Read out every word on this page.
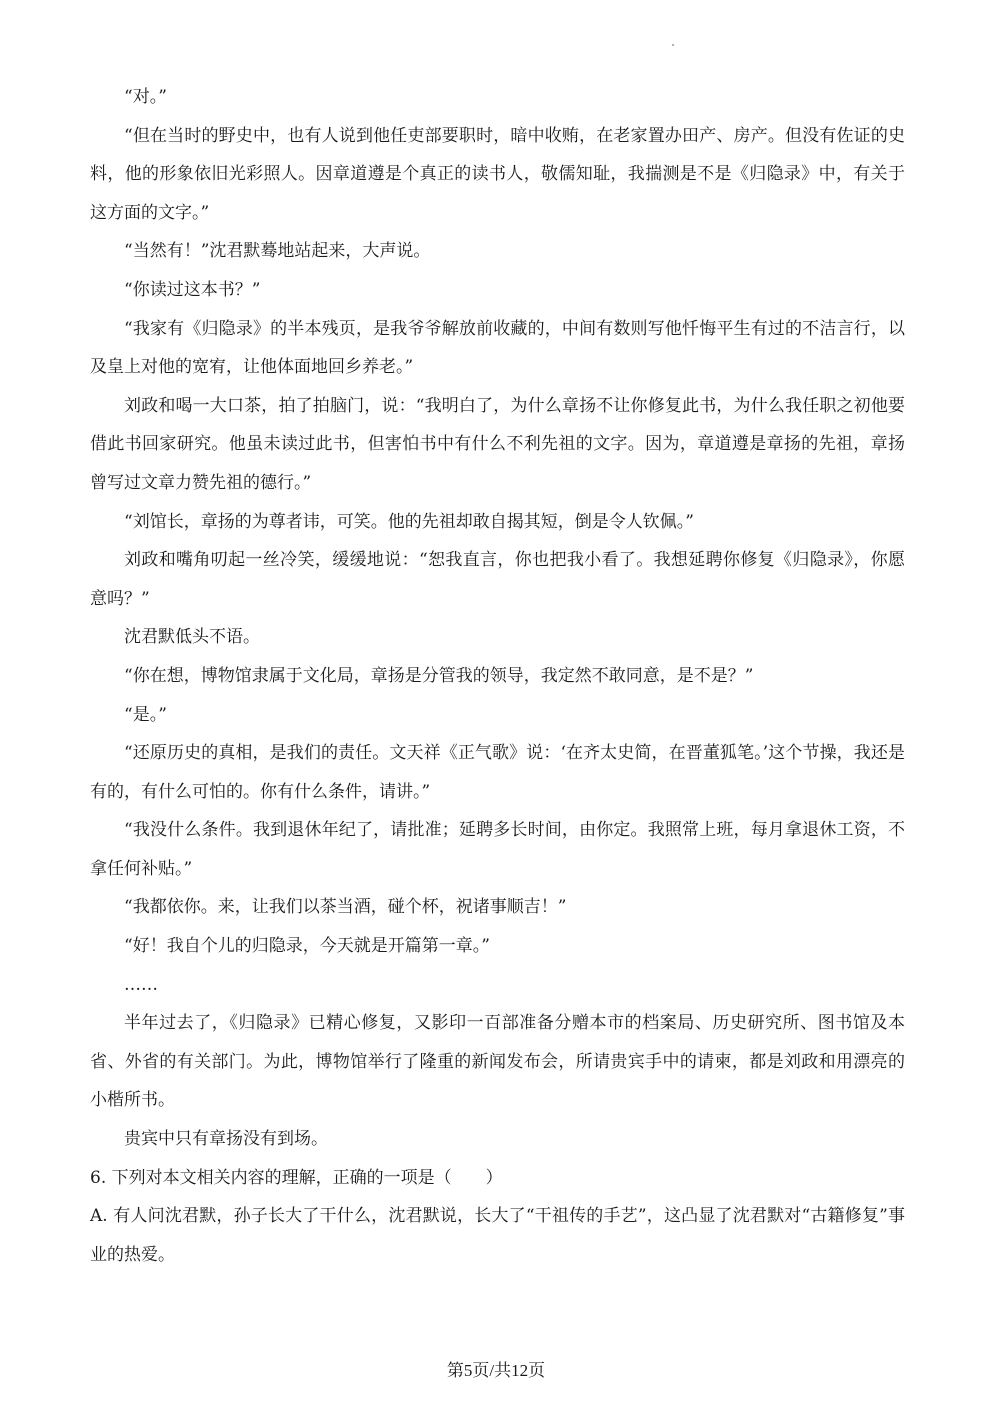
“对。”

“但在当时的野史中，也有人说到他任吏部要职时，暗中收贿，在老家置办田产、房产。但没有佐证的史料，他的形象依旧光彩照人。因章道遵是个真正的读书人，敬儒知耻，我揣测是不是《归隐录》中，有关于这方面的文字。”

“当然有！”沈君默蓦地站起来，大声说。

“你读过这本书？”

“我家有《归隐录》的半本残页，是我爷爷解放前收藏的，中间有数则写他忏悔平生有过的不洁言行，以及皇上对他的宽宥，让他体面地回乡养老。”

刘政和喝一大口茶，拍了拍脑门，说：“我明白了，为什么章扬不让你修复此书，为什么我任职之初他要借此书回家研究。他虽未读过此书，但害怕书中有什么不利先祖的文字。因为，章道遵是章扬的先祖，章扬曾写过文章力赞先祖的德行。”

“刘馆长，章扬的为尊者讳，可笑。他的先祖却敢自揭其短，倒是令人钦佩。”

刘政和嘴角叨起一丝冷笑，缓缓地说：“恕我直言，你也把我小看了。我想延聘你修复《归隐录》，你愿意吗？”

沈君默低头不语。

“你在想，博物馆隶属于文化局，章扬是分管我的领导，我定然不敢同意，是不是？”

“是。”

“还原历史的真相，是我们的责任。文天祥《正气歌》说：‘在齐太史简，在晋董狐笔。’这个节操，我还是有的，有什么可怕的。你有什么条件，请讲。”

“我没什么条件。我到退休年纪了，请批准；延聘多长时间，由你定。我照常上班，每月拿退休工资，不拿任何补贴。”

“我都依你。来，让我们以茶当酒，碰个杯，祝诸事顺吉！”

“好！我自个儿的归隐录，今天就是开篇第一章。”

……

半年过去了，《归隐录》已精心修复，又影印一百部准备分赠本市的档案局、历史研究所、图书馆及本省、外省的有关部门。为此，博物馆举行了隆重的新闻发布会，所请贵宾手中的请柬，都是刘政和用漂亮的小楷所书。

贵宾中只有章扬没有到场。

6. 下列对本文相关内容的理解，正确的一项是（　　）

A. 有人问沈君默，孙子长大了干什么，沈君默说，长大了“干祖传的手艺”，这凸显了沈君默对“古籍修复”事业的热爱。

第5页/共12页
